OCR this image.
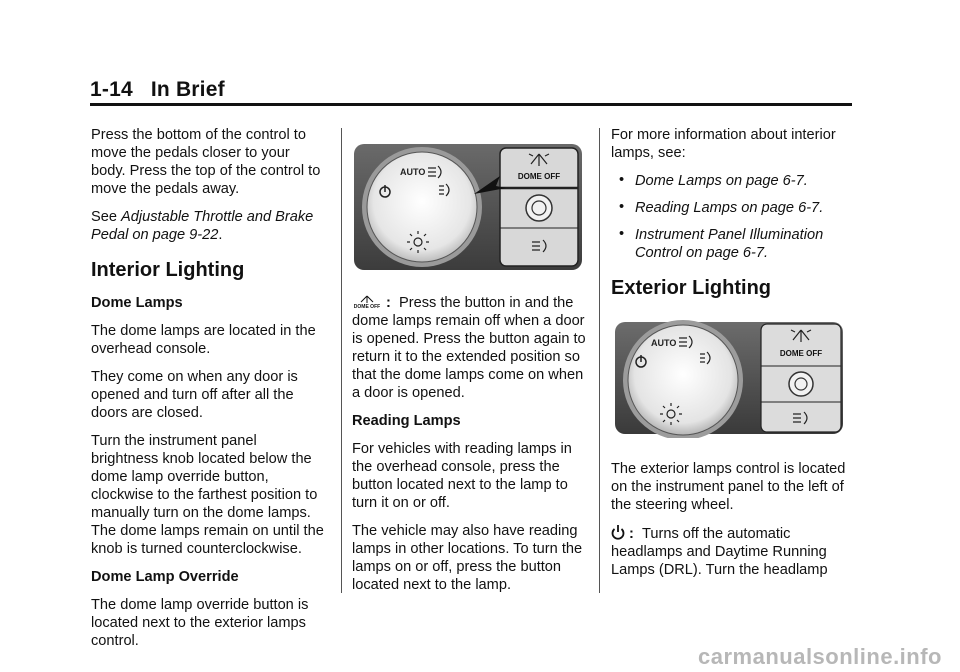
1-14 In Brief

Press the bottom of the control to move the pedals closer to your body. Press the top of the control to move the pedals away.

See Adjustable Throttle and Brake Pedal on page 9-22.

Interior Lighting
Dome Lamps

The dome lamps are located in the overhead console.

They come on when any door is opened and turn off after all the doors are closed.

Turn the instrument panel brightness knob located below the dome lamp override button, clockwise to the farthest position to manually turn on the dome lamps. The dome lamps remain on until the knob is turned counterclockwise.

Dome Lamp Override

The dome lamp override button is located next to the exterior lamps control.

AUTO	DOME OFF

DOME OFF : Press the button in and the dome lamps remain off when a door is opened. Press the button again to return it to the extended position so that the dome lamps come on when a door is opened.

Reading Lamps

For vehicles with reading lamps in the overhead console, press the button located next to the lamp to turn it on or off.

The vehicle may also have reading lamps in other locations. To turn the lamps on or off, press the button located next to the lamp.

For more information about interior lamps, see:

• Dome Lamps on page 6-7.
• Reading Lamps on page 6-7.
• Instrument Panel Illumination Control on page 6-7.
Exterior Lighting
AUTO
DOME OFF

The exterior lamps control is located on the instrument panel to the left of the steering wheel.

: Turns off the automatic headlamps and Daytime Running Lamps (DRL). Turn the headlamp

carmanualsonline.info
